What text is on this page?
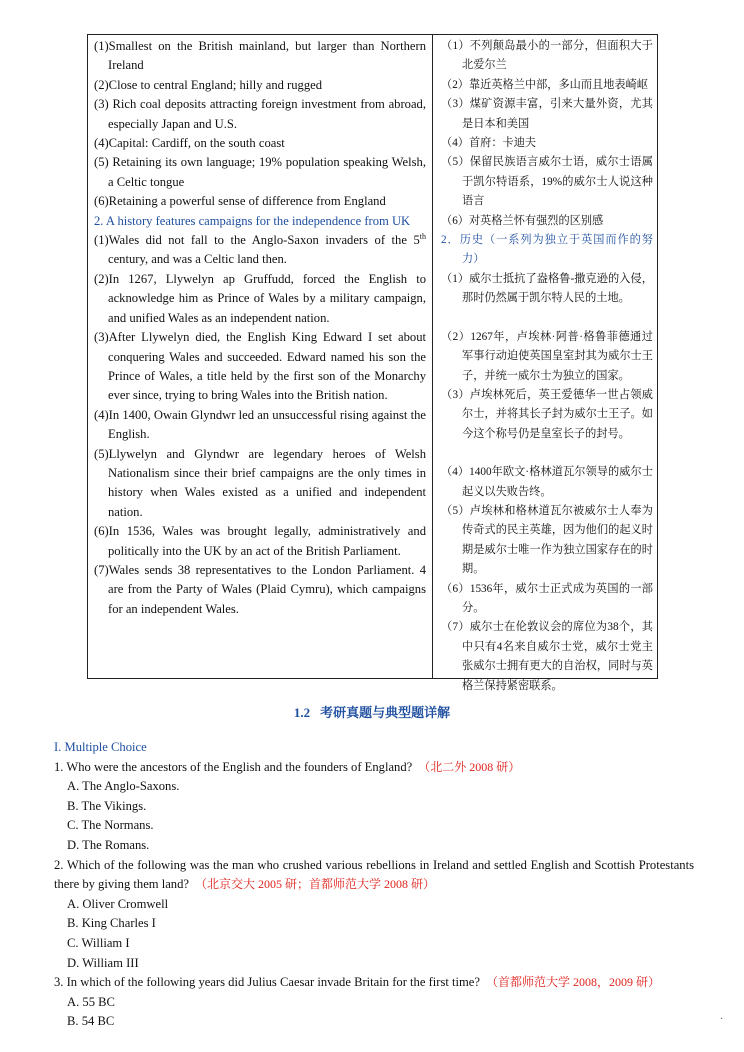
(1)Smallest on the British mainland, but larger than Northern Ireland
(2)Close to central England; hilly and rugged
(3) Rich coal deposits attracting foreign investment from abroad, especially Japan and U.S.
(4)Capital: Cardiff, on the south coast
(5) Retaining its own language; 19% population speaking Welsh, a Celtic tongue
(6)Retaining a powerful sense of difference from England
2. A history features campaigns for the independence from UK
(1)Wales did not fall to the Anglo-Saxon invaders of the 5th century, and was a Celtic land then.
(2)In 1267, Llywelyn ap Gruffudd, forced the English to acknowledge him as Prince of Wales by a military campaign, and unified Wales as an independent nation.
(3)After Llywelyn died, the English King Edward I set about conquering Wales and succeeded. Edward named his son the Prince of Wales, a title held by the first son of the Monarchy ever since, trying to bring Wales into the British nation.
(4)In 1400, Owain Glyndwr led an unsuccessful rising against the English.
(5)Llywelyn and Glyndwr are legendary heroes of Welsh Nationalism since their brief campaigns are the only times in history when Wales existed as a unified and independent nation.
(6)In 1536, Wales was brought legally, administratively and politically into the UK by an act of the British Parliament.
(7)Wales sends 38 representatives to the London Parliament. 4 are from the Party of Wales (Plaid Cymru), which campaigns for an independent Wales.
（1）不列颠岛最小的一部分，但面积大于北爱尔兰
（2）靠近英格兰中部，多山而且地表崎岖
（3）煤矿资源丰富，引来大量外资，尤其是日本和美国
（4）首府：卡迪夫
（5）保留民族语言威尔士语，威尔士语属于凯尔特语系，19%的威尔士人说这种语言
（6）对英格兰怀有强烈的区别感
2．历史（一系列为独立于英国而作的努力）
（1）威尔士抵抗了盎格鲁-撒克逊的入侵，那时仍然属于凯尔特人民的土地。
（2）1267年，卢埃林·阿普·格鲁菲德通过军事行动迫使英国皇室封其为威尔士王子，并统一威尔士为独立的国家。
（3）卢埃林死后，英王爱德华一世占领威尔士，并将其长子封为威尔士王子。如今这个称号仍是皇室长子的封号。
（4）1400年欧文·格林道瓦尔领导的威尔士起义以失败告终。
（5）卢埃林和格林道瓦尔被威尔士人奉为传奇式的民主英雄，因为他们的起义时期是威尔士唯一作为独立国家存在的时期。
（6）1536年，威尔士正式成为英国的一部分。
（7）威尔士在伦敦议会的席位为38个，其中只有4名来自威尔士党，威尔士党主张威尔士拥有更大的自治权，同时与英格兰保持紧密联系。
1.2 考研真题与典型题详解
I. Multiple Choice
1. Who were the ancestors of the English and the founders of England? （北二外 2008 研）
A. The Anglo-Saxons.
B. The Vikings.
C. The Normans.
D. The Romans.
2. Which of the following was the man who crushed various rebellions in Ireland and settled English and Scottish Protestants there by giving them land? （北京交大 2005 研；首都师范大学 2008 研）
A. Oliver Cromwell
B. King Charles I
C. William I
D. William III
3. In which of the following years did Julius Caesar invade Britain for the first time? （首都师范大学 2008，2009 研）
A. 55 BC
B. 54 BC	·
